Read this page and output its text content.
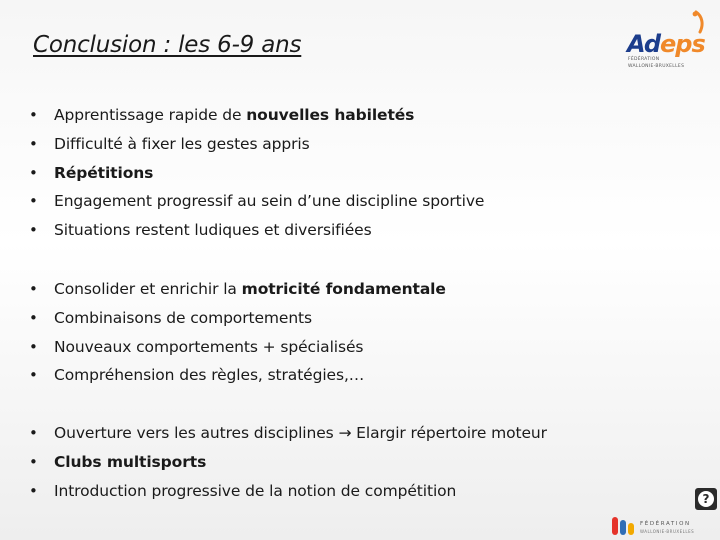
Conclusion : les 6-9 ans	Adeps
FÉDÉRATION
WALLONIE-BRUXELLES
• Apprentissage rapide de nouvelles habiletés
• Difficulté à fixer les gestes appris
• Répétitions
• Engagement progressif au sein d’une discipline sportive
• Situations restent ludiques et diversifiées
• Consolider et enrichir la motricité fondamentale
• Combinaisons de comportements
• Nouveaux comportements + spécialisés
• Compréhension des règles, stratégies,…
• Ouverture vers les autres disciplines → Elargir répertoire moteur
• Clubs multisports
• Introduction progressive de la notion de compétition	?
FÉDÉRATION
WALLONIE-BRUXELLES
